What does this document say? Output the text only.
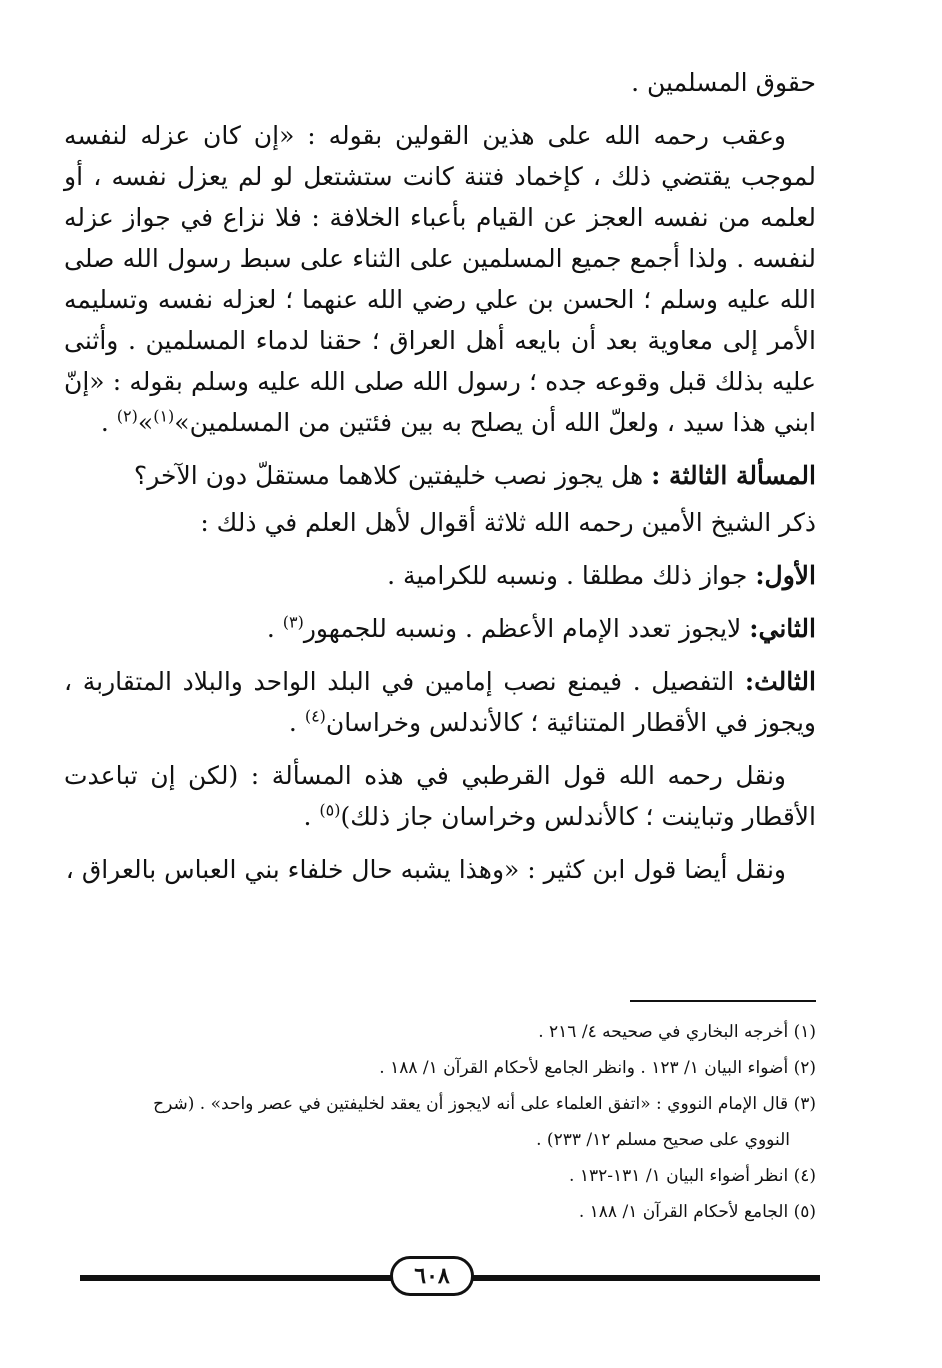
حقوق المسلمين .

وعقب رحمه الله على هذين القولين بقوله : «إن كان عزله لنفسه لموجب يقتضي ذلك ، كإخماد فتنة كانت ستشتعل لو لم يعزل نفسه ، أو لعلمه من نفسه العجز عن القيام بأعباء الخلافة : فلا نزاع في جواز عزله لنفسه . ولذا أجمع جميع المسلمين على الثناء على سبط رسول الله صلى الله عليه وسلم ؛ الحسن بن علي رضي الله عنهما ؛ لعزله نفسه وتسليمه الأمر إلى معاوية بعد أن بايعه أهل العراق ؛ حقنا لدماء المسلمين . وأثنى عليه بذلك قبل وقوعه جده ؛ رسول الله صلى الله عليه وسلم بقوله : «إنّ ابني هذا سيد ، ولعلّ الله أن يصلح به بين فئتين من المسلمين»$^{(١)}$»$^{(٢)}$ .

المسألة الثالثة : هل يجوز نصب خليفتين كلاهما مستقلّ دون الآخر؟

ذكر الشيخ الأمين رحمه الله ثلاثة أقوال لأهل العلم في ذلك :

الأول: جواز ذلك مطلقا . ونسبه للكرامية .

الثاني: لايجوز تعدد الإمام الأعظم . ونسبه للجمهور$^{(٣)}$ .

الثالث: التفصيل . فيمنع نصب إمامين في البلد الواحد والبلاد المتقاربة ، ويجوز في الأقطار المتنائية ؛ كالأندلس وخراسان$^{(٤)}$ .

ونقل رحمه الله قول القرطبي في هذه المسألة : (لكن إن تباعدت الأقطار وتباينت ؛ كالأندلس وخراسان جاز ذلك)$^{(٥)}$ .

ونقل أيضا قول ابن كثير : «وهذا يشبه حال خلفاء بني العباس بالعراق ،

(١) أخرجه البخاري في صحيحه ٤/ ٢١٦ .

(٢) أضواء البيان ١/ ١٢٣ . وانظر الجامع لأحكام القرآن ١/ ١٨٨ .

(٣) قال الإمام النووي : «اتفق العلماء على أنه لايجوز أن يعقد لخليفتين في عصر واحد» . (شرح

النووي على صحيح مسلم ١٢/ ٢٣٣) .

(٤) انظر أضواء البيان ١/ ١٣١-١٣٢ .

(٥) الجامع لأحكام القرآن ١/ ١٨٨ .

٦٠٨
